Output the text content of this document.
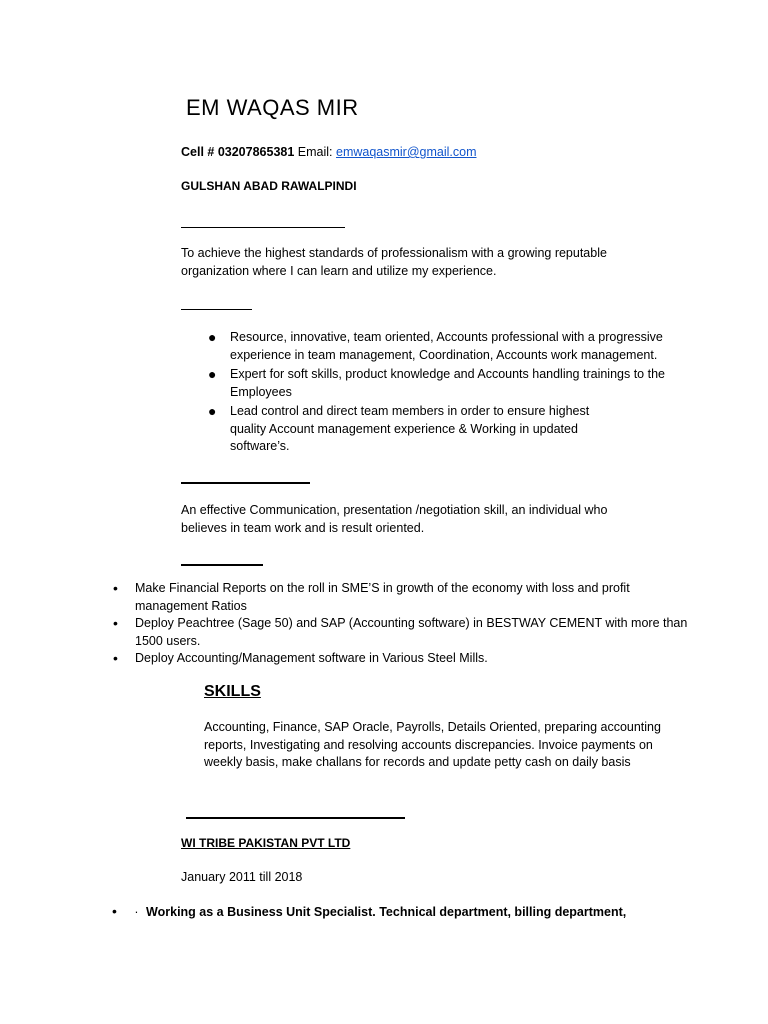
EM WAQAS MIR
Cell # 03207865381 Email: emwaqasmir@gmail.com
GULSHAN ABAD RAWALPINDI
To achieve the highest standards of professionalism with a growing reputable organization where I can learn and utilize my experience.
● Resource, innovative, team oriented, Accounts professional with a progressive experience in team management, Coordination, Accounts work management.
● Expert for soft skills, product knowledge and Accounts handling trainings to the Employees
● Lead control and direct team members in order to ensure highest quality Account management experience & Working in updated software’s.
An effective Communication, presentation /negotiation skill, an individual who believes in team work and is result oriented.
• Make Financial Reports on the roll in SME’S in growth of the economy with loss and profit management Ratios
• Deploy Peachtree (Sage 50) and SAP (Accounting software) in BESTWAY CEMENT with more than 1500 users.
• Deploy Accounting/Management software in Various Steel Mills.
SKILLS
Accounting, Finance, SAP Oracle, Payrolls, Details Oriented, preparing accounting reports, Investigating and resolving accounts discrepancies. Invoice payments on weekly basis, make challans for records and update petty cash on daily basis
WI TRIBE PAKISTAN PVT LTD
January 2011 till 2018
• · Working as a Business Unit Specialist. Technical department, billing department,
